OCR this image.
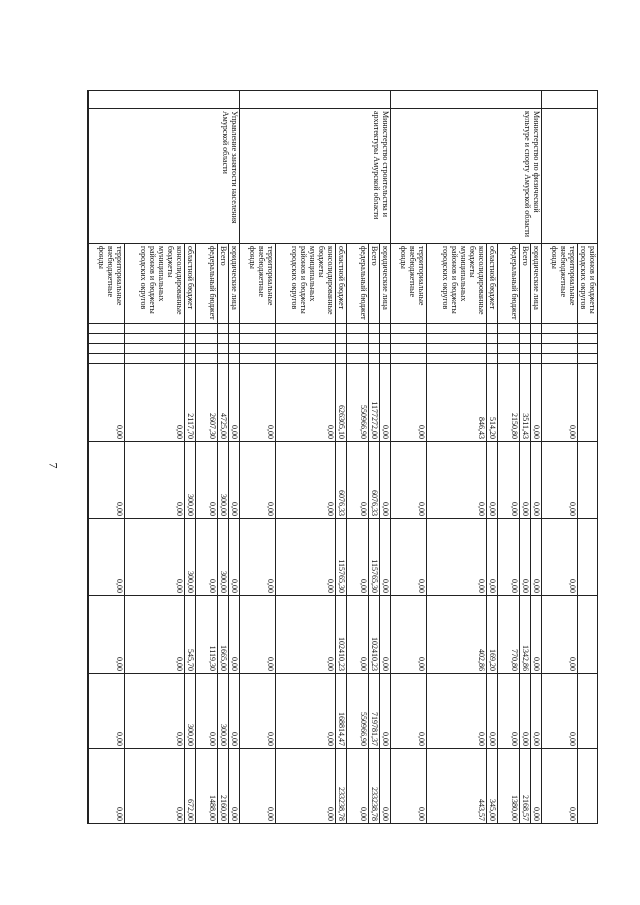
7
		районов и бюджеты городских округов										
		территориальные внебюджетные фонды					0,00	0,00	0,00	0,00	0,00	0,00
	Министерство по физической культуре и спорту Амурской области	юридические лица					0,00	0,00	0,00	0,00	0,00	0,00
		Всего					3511,43	0,00	0,00	1342,86	0,00	2168,57
		федеральный бюджет					2150,80	0,00	0,00	770,80	0,00	1380,00
		областной бюджет					514,20	0,00	0,00	169,20	0,00	345,00
		консолидированные бюджеты муниципальных районов и бюджеты городских округов					846,43	0,00	0,00	402,86	0,00	443,57
		территориальные внебюджетные фонды					0,00	0,00	0,00	0,00	0,00	0,00
	Министерство строительства и архитектуры Амурской области	юридические лица					0,00	0,00	0,00	0,00	0,00	0,00
		Всего					1177272,00	6076,33	115765,30	102410,23	719781,37	233238,78
		федеральный бюджет					550966,90	0,00	0,00	0,00	550966,90	0,00
		областной бюджет					626305,10	6076,33	115765,30	102410,23	168814,47	233238,78
		консолидированные бюджеты муниципальных районов и бюджеты городских округов					0,00	0,00	0,00	0,00	0,00	0,00
		территориальные внебюджетные фонды					0,00	0,00	0,00	0,00	0,00	0,00
	Управление занятости населения Амурской области	юридические лица					0,00	0,00	0,00	0,00	0,00	0,00
		Всего					4725,00	300,00	300,00	1665,00	300,00	2160,00
		федеральный бюджет					2607,30	0,00	0,00	1119,30	0,00	1488,00
		областной бюджет					2117,70	300,00	300,00	545,70	300,00	672,00
		консолидированные бюджеты муниципальных районов и бюджеты городских округов					0,00	0,00	0,00	0,00	0,00	0,00
		территориальные внебюджетные фонды					0,00	0,00	0,00	0,00	0,00	0,00
